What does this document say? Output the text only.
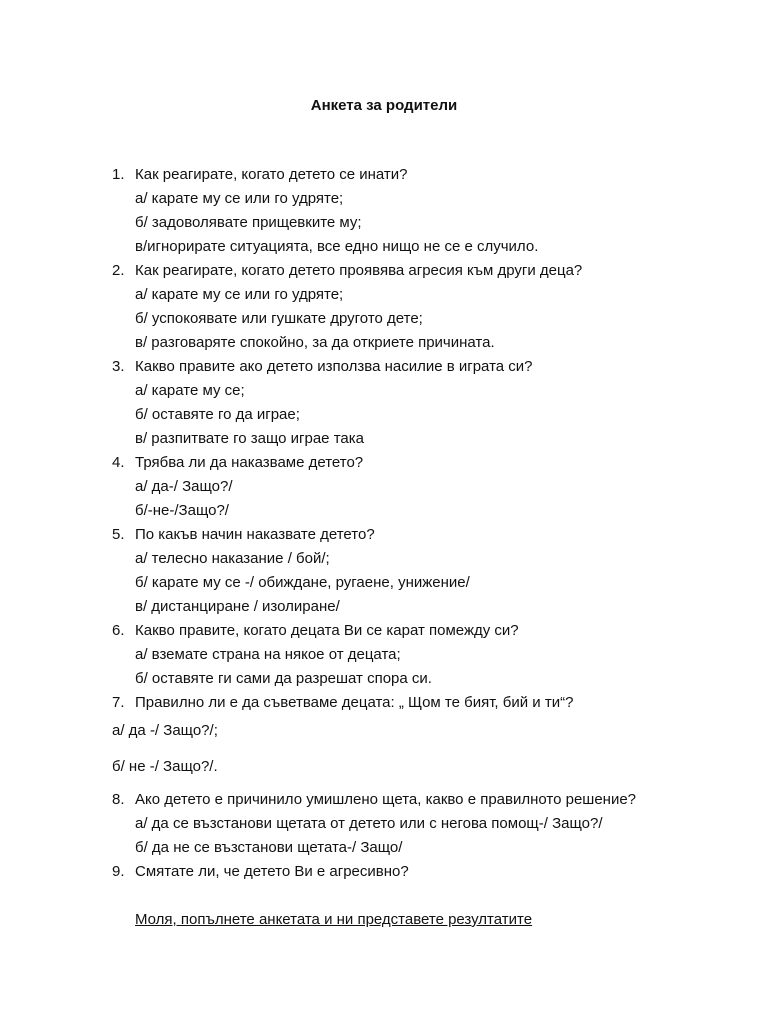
Анкета за родители
1. Как реагирате, когато детето се инати?
а/ карате му се или го удряте;
б/ задоволявате прищевките му;
в/игнорирате ситуацията, все едно нищо не се е случило.
2. Как реагирате, когато детето проявява агресия към други деца?
а/ карате му се или го удряте;
б/ успокоявате или гушкате другото дете;
в/ разговаряте спокойно, за да откриете причината.
3. Какво правите ако детето използва насилие в играта си?
а/ карате му се;
б/ оставяте го да играе;
в/ разпитвате го защо играе така
4. Трябва ли да наказваме детето?
а/ да-/ Защо?/
б/-не-/Защо?/
5. По какъв начин наказвате детето?
а/ телесно наказание / бой/;
б/ карате му се -/ обиждане, ругаене, унижение/
в/ дистанциране / изолиране/
6. Какво правите, когато децата Ви се карат помежду си?
а/ вземате страна на някое от децата;
б/ оставяте ги сами да разрешат спора си.
7. Правилно ли е да съветваме децата: „ Щом те бият, бий и ти“?

а/ да -/ Защо?/;

б/ не -/ Защо?/.

8. Ако детето е причинило умишлено щета, какво е правилното решение?
а/ да се възстанови щетата от детето или с негова помощ-/ Защо?/
б/ да не се възстанови щетата-/ Защо/
9. Смятате ли, че детето Ви е агресивно?
Моля, попълнете анкетата и ни представете резултатите
